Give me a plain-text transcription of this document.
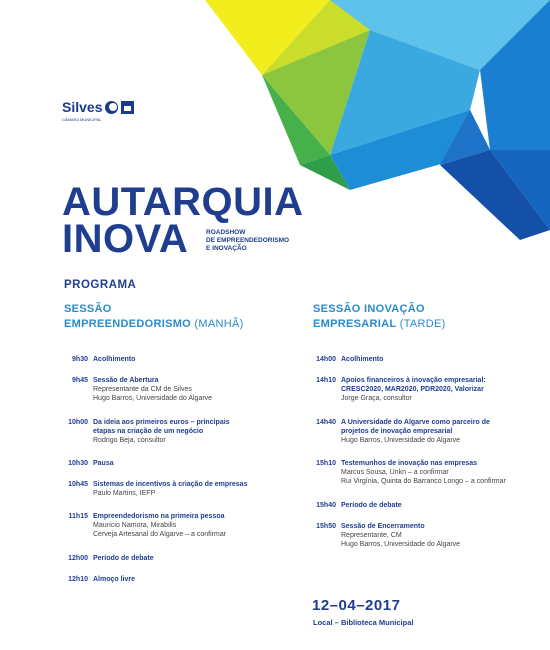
Silves
CÂMARA MUNICIPAL
AUTARQUIA
INOVA	ROADSHOW
DE EMPREENDEDORISMO
E INOVAÇÃO
PROGRAMA
SESSÃO
EMPREENDEDORISMO (MANHÃ)
9h30 Acolhimento
9h45 Sessão de Abertura
Representante da CM de Silves
Hugo Barros, Universidade do Algarve
10h00 Da ideia aos primeiros euros – principais
etapas na criação de um negócio
Rodrigo Beja, consultor
10h30 Pausa
10h45 Sistemas de incentivos à criação de empresas
Paulo Martins, IEFP
11h15 Empreendedorismo na primeira pessoa
Maurício Namora, Mirabilis
Cerveja Artesanal do Algarve – a confirmar
12h00 Período de debate
12h10 Almoço livre
SESSÃO INOVAÇÃO
EMPRESARIAL (TARDE)
14h00 Acolhimento
14h10 Apoios financeiros à inovação empresarial:
CRESC2020, MAR2020, PDR2020, Valorizar
Jorge Graça, consultor
14h40 A Universidade do Algarve como parceiro de
projetos de inovação empresarial
Hugo Barros, Universidade do Algarve
15h10 Testemunhos de inovação nas empresas
Marcus Sousa, Unkn – a confirmar
Rui Virgínia, Quinta do Barranco Longo – a confirmar
15h40 Período de debate
15h50 Sessão de Encerramento
Representante, CM
Hugo Barros, Universidade do Algarve
12–04–2017
Local – Biblioteca Municipal
